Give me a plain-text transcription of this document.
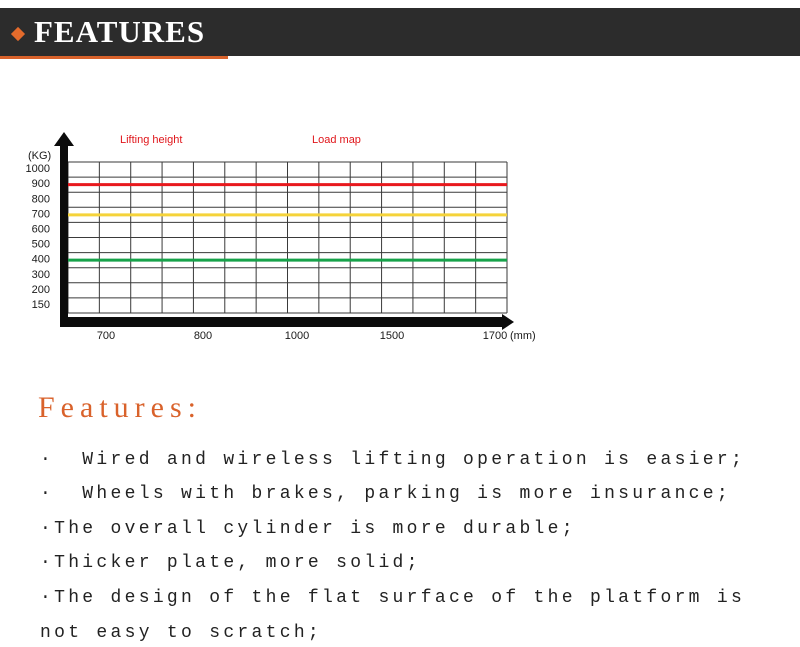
FEATURES
(KG)
1000
900
800
700
600
500
400
300
200
150
700	800	1000	1500	1700 (mm)
Lifting height	Load map
Features:
·  Wired and wireless lifting operation is easier;
·  Wheels with brakes, parking is more insurance;
·The overall cylinder is more durable;
·Thicker plate, more solid;
·The design of the flat surface of the platform is
not easy to scratch;
